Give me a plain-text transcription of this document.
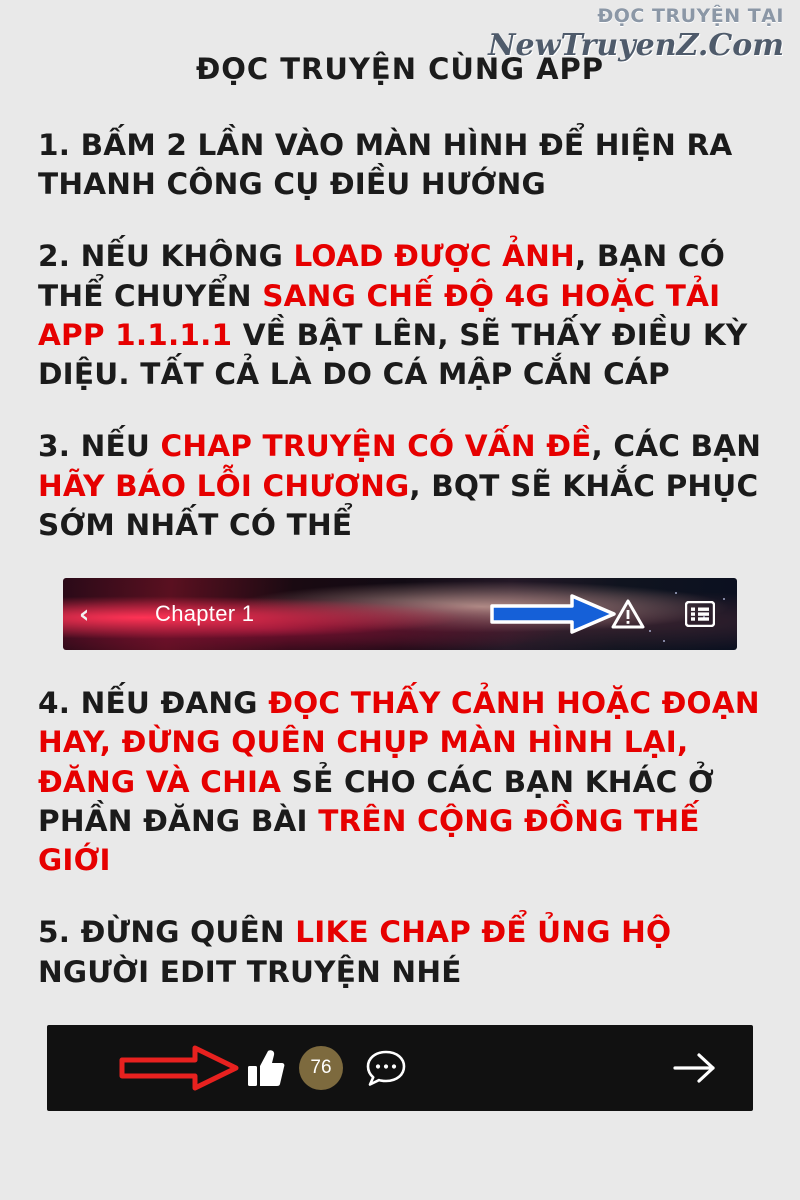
ĐỌC TRUYỆN TẠI
NewTruyenZ.Com
ĐỌC TRUYỆN CÙNG APP

1. BẤM 2 LẦN VÀO MÀN HÌNH ĐỂ HIỆN RA THANH CÔNG CỤ ĐIỀU HƯỚNG

2. NẾU KHÔNG LOAD ĐƯỢC ẢNH, BẠN CÓ THỂ CHUYỂN SANG CHẾ ĐỘ 4G HOẶC TẢI APP 1.1.1.1 VỀ BẬT LÊN, SẼ THẤY ĐIỀU KỲ DIỆU. TẤT CẢ LÀ DO CÁ MẬP CẮN CÁP

3. NẾU CHAP TRUYỆN CÓ VẤN ĐỀ, CÁC BẠN HÃY BÁO LỖI CHƯƠNG, BQT SẼ KHẮC PHỤC SỚM NHẤT CÓ THỂ

‹	Chapter 1

4. NẾU ĐANG ĐỌC THẤY CẢNH HOẶC ĐOẠN HAY, ĐỪNG QUÊN CHỤP MÀN HÌNH LẠI, ĐĂNG VÀ CHIA SẺ CHO CÁC BẠN KHÁC Ở PHẦN ĐĂNG BÀI TRÊN CỘNG ĐỒNG THẾ GIỚI

5. ĐỪNG QUÊN LIKE CHAP ĐỂ ỦNG HỘ NGƯỜI EDIT TRUYỆN NHÉ

76
